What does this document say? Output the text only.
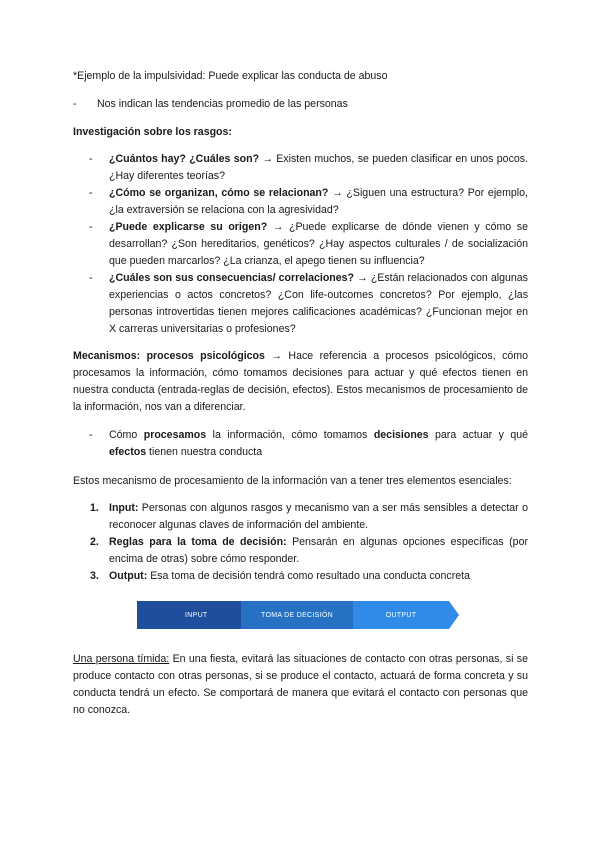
*Ejemplo de la impulsividad: Puede explicar las conducta de abuso

-	Nos indican las tendencias promedio de las personas

Investigación sobre los rasgos:

- ¿Cuántos hay? ¿Cuáles son? → Existen muchos, se pueden clasificar en unos pocos. ¿Hay diferentes teorías?
- ¿Cómo se organizan, cómo se relacionan? → ¿Siguen una estructura? Por ejemplo, ¿la extraversión se relaciona con la agresividad?
- ¿Puede explicarse su origen? → ¿Puede explicarse de dónde vienen y cómo se desarrollan? ¿Son hereditarios, genéticos? ¿Hay aspectos culturales / de socialización que pueden marcarlos? ¿La crianza, el apego tienen su influencia?
- ¿Cuáles son sus consecuencias/ correlaciones? → ¿Están relacionados con algunas experiencias o actos concretos? ¿Con life-outcomes concretos? Por ejemplo, ¿las personas introvertidas tienen mejores calificaciones académicas? ¿Funcionan mejor en X carreras universitarias o profesiones?

Mecanismos: procesos psicológicos → Hace referencia a procesos psicológicos, cómo procesamos la información, cómo tomamos decisiones para actuar y qué efectos tienen en nuestra conducta (entrada-reglas de decisión, efectos). Estos mecanismos de procesamiento de la información, nos van a diferenciar.

- Cómo procesamos la información, cómo tomamos decisiones para actuar y qué efectos tienen nuestra conducta

Estos mecanismo de procesamiento de la información van a tener tres elementos esenciales:

1. Input: Personas con algunos rasgos y mecanismo van a ser más sensibles a detectar o reconocer algunas claves de información del ambiente.
2. Reglas para la toma de decisión: Pensarán en algunas opciones específicas (por encima de otras) sobre cómo responder.
3. Output: Esa toma de decisión tendrá como resultado una conducta concreta
INPUT	TOMA DE DECISIÓN	OUTPUT

Una persona tímida: En una fiesta, evitará las situaciones de contacto con otras personas, si se produce contacto con otras personas, si se produce el contacto, actuará de forma concreta y su conducta tendrá un efecto. Se comportará de manera que evitará el contacto con personas que no conozca.
